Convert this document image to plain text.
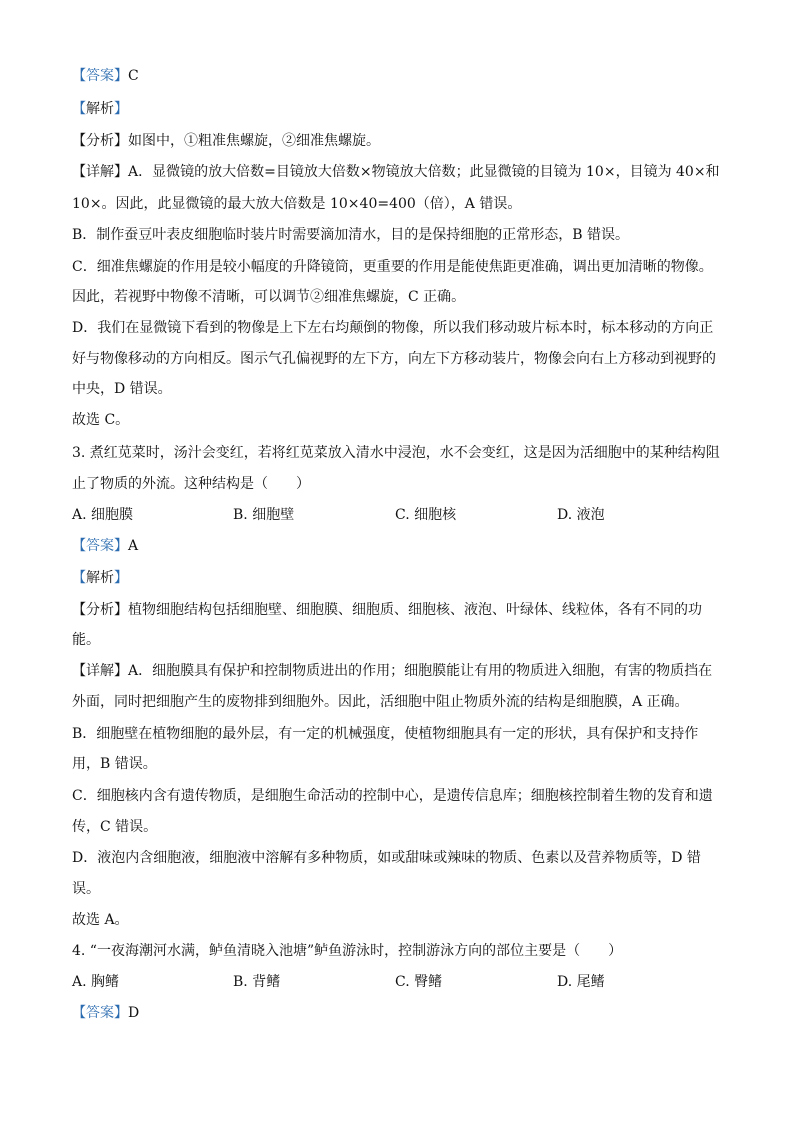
【答案】C
【解析】
【分析】如图中，①粗准焦螺旋，②细准焦螺旋。
【详解】A．显微镜的放大倍数=目镜放大倍数×物镜放大倍数；此显微镜的目镜为 10×，目镜为 40×和
10×。因此，此显微镜的最大放大倍数是 10×40=400（倍），A 错误。
B．制作蚕豆叶表皮细胞临时装片时需要滴加清水，目的是保持细胞的正常形态，B 错误。
C．细准焦螺旋的作用是较小幅度的升降镜筒，更重要的作用是能使焦距更准确，调出更加清晰的物像。
因此，若视野中物像不清晰，可以调节②细准焦螺旋，C 正确。
D．我们在显微镜下看到的物像是上下左右均颠倒的物像，所以我们移动玻片标本时，标本移动的方向正
好与物像移动的方向相反。图示气孔偏视野的左下方，向左下方移动装片，物像会向右上方移动到视野的
中央，D 错误。
故选 C。
3. 煮红苋菜时，汤汁会变红，若将红苋菜放入清水中浸泡，水不会变红，这是因为活细胞中的某种结构阻
止了物质的外流。这种结构是（　　）
A. 细胞膜	B. 细胞壁	C. 细胞核	D. 液泡
【答案】A
【解析】
【分析】植物细胞结构包括细胞壁、细胞膜、细胞质、细胞核、液泡、叶绿体、线粒体，各有不同的功
能。
【详解】A．细胞膜具有保护和控制物质进出的作用；细胞膜能让有用的物质进入细胞，有害的物质挡在
外面，同时把细胞产生的废物排到细胞外。因此，活细胞中阻止物质外流的结构是细胞膜，A 正确。
B．细胞壁在植物细胞的最外层，有一定的机械强度，使植物细胞具有一定的形状，具有保护和支持作
用，B 错误。
C．细胞核内含有遗传物质，是细胞生命活动的控制中心，是遗传信息库；细胞核控制着生物的发育和遗
传，C 错误。
D．液泡内含细胞液，细胞液中溶解有多种物质，如或甜味或辣味的物质、色素以及营养物质等，D 错
误。
故选 A。
4. “一夜海潮河水满，鲈鱼清晓入池塘”鲈鱼游泳时，控制游泳方向的部位主要是（　　）
A. 胸鳍	B. 背鳍	C. 臀鳍	D. 尾鳍
【答案】D
